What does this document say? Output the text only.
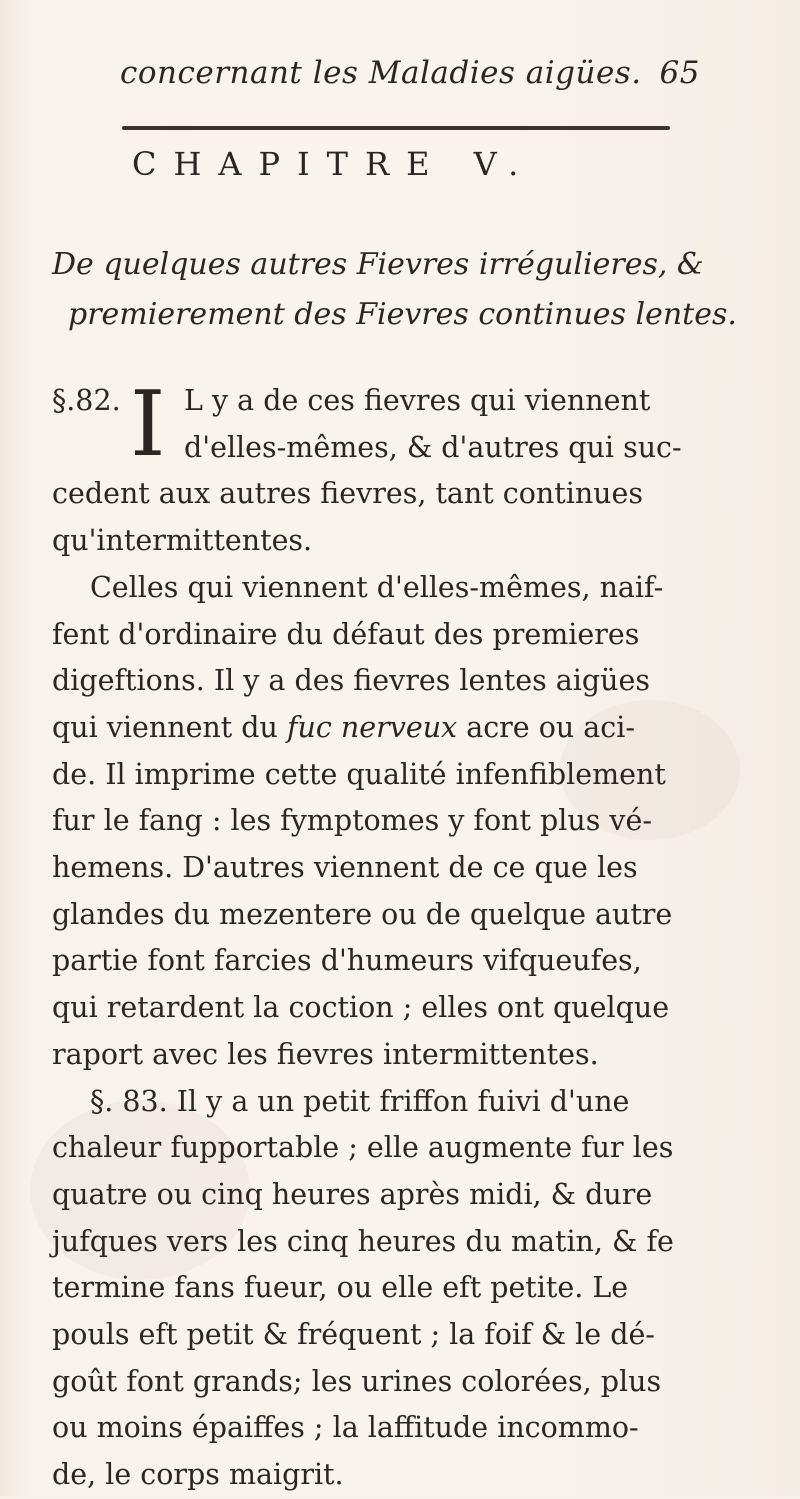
concernant les Maladies aigües. 65
CHAPITRE V.
De quelques autres Fievres irrégulieres, &
premierement des Fievres continues lentes.
§.82. I L y a de ces fievres qui viennent
d'elles-mêmes, & d'autres qui suc-
cedent aux autres fievres, tant continues
qu'intermittentes.
Celles qui viennent d'elles-mêmes, naif-
fent d'ordinaire du défaut des premieres
digeftions. Il y a des fievres lentes aigües
qui viennent du fuc nerveux acre ou aci-
de. Il imprime cette qualité infenfiblement
fur le fang : les fymptomes y font plus vé-
hemens. D'autres viennent de ce que les
glandes du mezentere ou de quelque autre
partie font farcies d'humeurs vifqueufes,
qui retardent la coction ; elles ont quelque
raport avec les fievres intermittentes.
§. 83. Il y a un petit friffon fuivi d'une
chaleur fupportable ; elle augmente fur les
quatre ou cinq heures après midi, & dure
jufques vers les cinq heures du matin, & fe
termine fans fueur, ou elle eft petite. Le
pouls eft petit & fréquent ; la foif & le dé-
goût font grands; les urines colorées, plus
ou moins épaiffes ; la laffitude incommo-
de, le corps maigrit.
